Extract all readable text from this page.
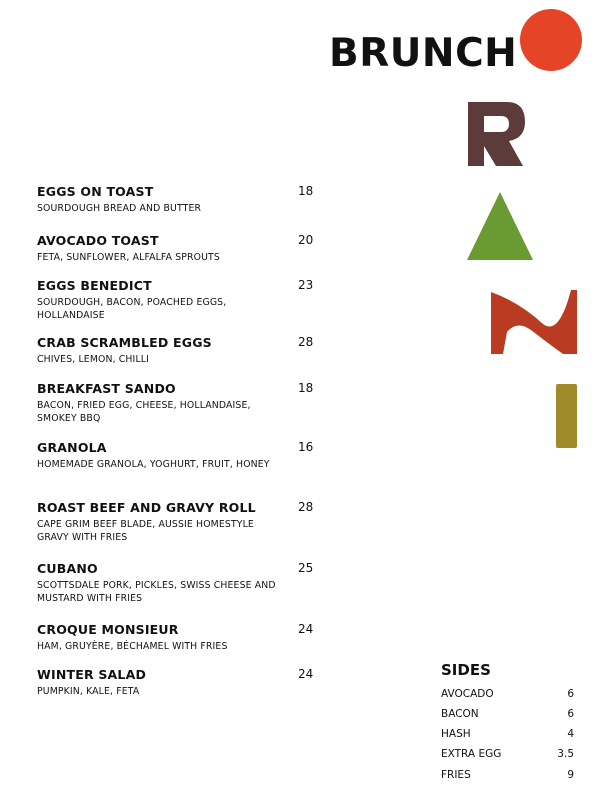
BRUNCH
EGGS ON TOAST
SOURDOUGH BREAD AND BUTTER
18
AVOCADO TOAST
FETA, SUNFLOWER, ALFALFA SPROUTS
20
EGGS BENEDICT
SOURDOUGH, BACON, POACHED EGGS, HOLLANDAISE
23
CRAB SCRAMBLED EGGS
CHIVES, LEMON, CHILLI
28
BREAKFAST SANDO
BACON, FRIED EGG, CHEESE, HOLLANDAISE, SMOKEY BBQ
18
GRANOLA
HOMEMADE GRANOLA, YOGHURT, FRUIT, HONEY
16
ROAST BEEF AND GRAVY ROLL
CAPE GRIM BEEF BLADE, AUSSIE HOMESTYLE GRAVY WITH FRIES
28
CUBANO
SCOTTSDALE PORK, PICKLES, SWISS CHEESE AND MUSTARD WITH FRIES
25
CROQUE MONSIEUR
HAM, GRUYÈRE, BÉCHAMEL WITH FRIES
24
WINTER SALAD
PUMPKIN, KALE, FETA
24	SIDES
AVOCADO	6
BACON	6
HASH	4
EXTRA EGG	3.5
FRIES	9
